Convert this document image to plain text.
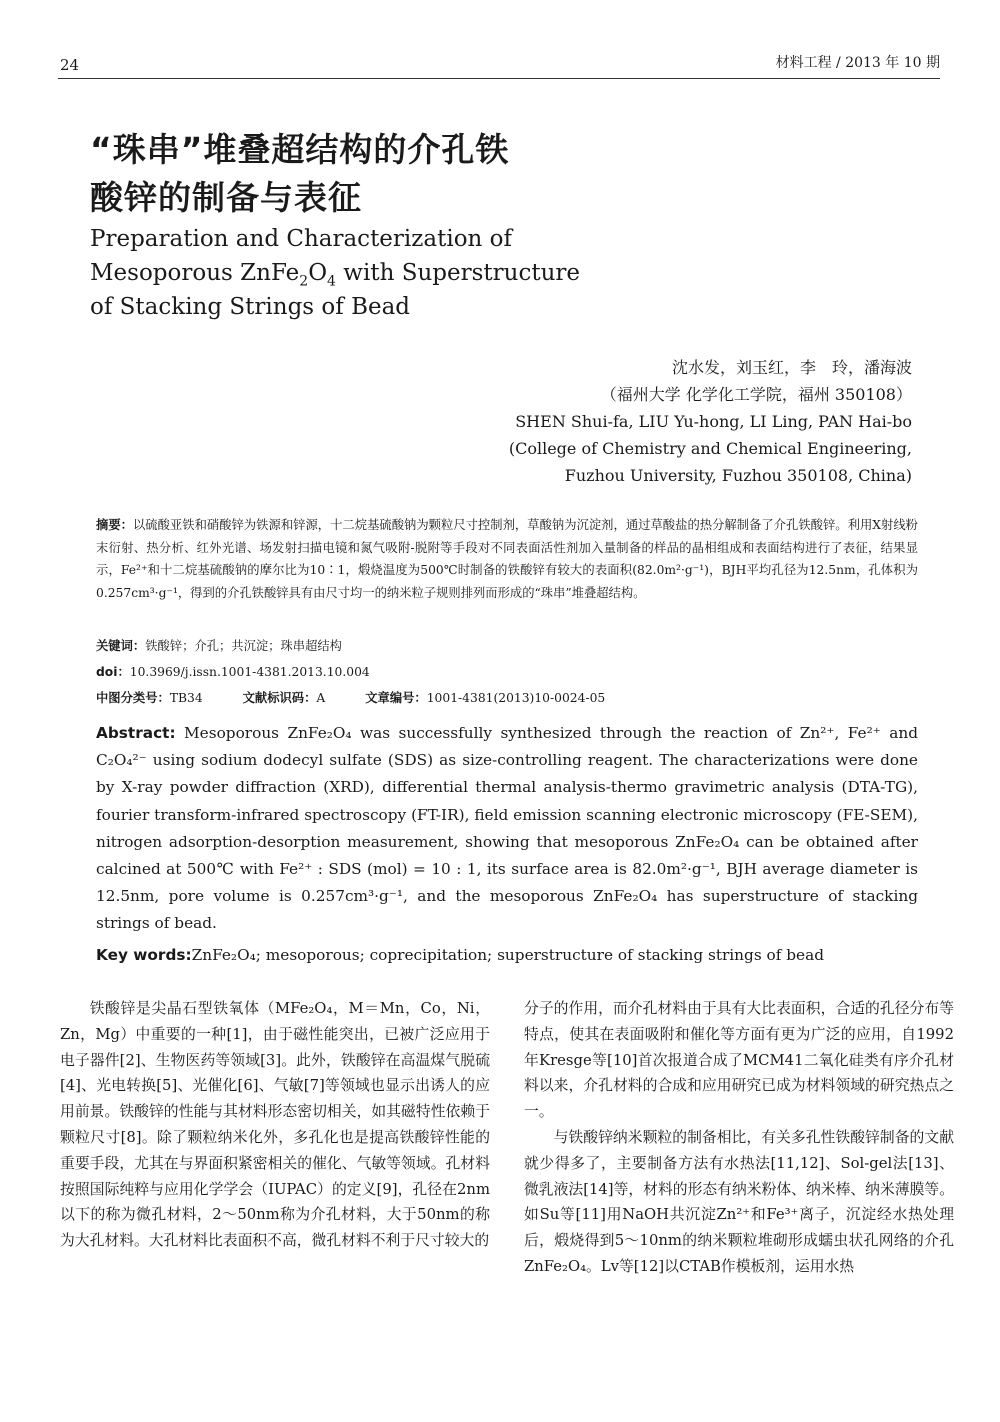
24	材料工程 / 2013 年 10 期
“珠串”堆叠超结构的介孔铁
酸锌的制备与表征
Preparation and Characterization of
Mesoporous $ZnFe_2O_4$ with Superstructure
of Stacking Strings of Bead
沈水发，刘玉红，李　玲，潘海波
（福州大学 化学化工学院，福州 350108）
SHEN Shui-fa, LIU Yu-hong, LI Ling, PAN Hai-bo
(College of Chemistry and Chemical Engineering,
Fuzhou University, Fuzhou 350108, China)
摘要：以硫酸亚铁和硝酸锌为铁源和锌源，十二烷基硫酸钠为颗粒尺寸控制剂，草酸钠为沉淀剂，通过草酸盐的热分解制备了介孔铁酸锌。利用X射线粉末衍射、热分析、红外光谱、场发射扫描电镜和氮气吸附-脱附等手段对不同表面活性剂加入量制备的样品的晶相组成和表面结构进行了表征，结果显示，Fe²⁺和十二烷基硫酸钠的摩尔比为10∶1，煅烧温度为500℃时制备的铁酸锌有较大的表面积(82.0m²·g⁻¹)，BJH平均孔径为12.5nm，孔体积为0.257cm³·g⁻¹，得到的介孔铁酸锌具有由尺寸均一的纳米粒子规则排列而形成的“珠串”堆叠超结构。
关键词：铁酸锌；介孔；共沉淀；珠串超结构
doi：10.3969/j.issn.1001-4381.2013.10.004
中图分类号：TB34	文献标识码：A	文章编号：1001-4381(2013)10-0024-05
Abstract: Mesoporous ZnFe₂O₄ was successfully synthesized through the reaction of Zn²⁺, Fe²⁺ and C₂O₄²⁻ using sodium dodecyl sulfate (SDS) as size-controlling reagent. The characterizations were done by X-ray powder diffraction (XRD), differential thermal analysis-thermo gravimetric analysis (DTA-TG), fourier transform-infrared spectroscopy (FT-IR), field emission scanning electronic microscopy (FE-SEM), nitrogen adsorption-desorption measurement, showing that mesoporous ZnFe₂O₄ can be obtained after calcined at 500℃ with Fe²⁺ : SDS (mol) = 10 : 1, its surface area is 82.0m²·g⁻¹, BJH average diameter is 12.5nm, pore volume is 0.257cm³·g⁻¹, and the mesoporous ZnFe₂O₄ has superstructure of stacking strings of bead.
Key words:ZnFe₂O₄; mesoporous; coprecipitation; superstructure of stacking strings of bead

铁酸锌是尖晶石型铁氧体（MFe₂O₄，M＝Mn，Co，Ni，Zn，Mg）中重要的一种[1]，由于磁性能突出，已被广泛应用于电子器件[2]、生物医药等领域[3]。此外，铁酸锌在高温煤气脱硫[4]、光电转换[5]、光催化[6]、气敏[7]等领域也显示出诱人的应用前景。铁酸锌的性能与其材料形态密切相关，如其磁特性依赖于颗粒尺寸[8]。除了颗粒纳米化外，多孔化也是提高铁酸锌性能的重要手段，尤其在与界面积紧密相关的催化、气敏等领域。孔材料按照国际纯粹与应用化学学会（IUPAC）的定义[9]，孔径在2nm以下的称为微孔材料，2～50nm称为介孔材料，大于50nm的称为大孔材料。大孔材料比表面积不高，微孔材料不利于尺寸较大的

分子的作用，而介孔材料由于具有大比表面积，合适的孔径分布等特点，使其在表面吸附和催化等方面有更为广泛的应用，自1992年Kresge等[10]首次报道合成了MCM41二氧化硅类有序介孔材料以来，介孔材料的合成和应用研究已成为材料领域的研究热点之一。

与铁酸锌纳米颗粒的制备相比，有关多孔性铁酸锌制备的文献就少得多了，主要制备方法有水热法[11,12]、Sol-gel法[13]、微乳液法[14]等，材料的形态有纳米粉体、纳米棒、纳米薄膜等。如Su等[11]用NaOH共沉淀Zn²⁺和Fe³⁺离子，沉淀经水热处理后，煅烧得到5～10nm的纳米颗粒堆砌形成蠕虫状孔网络的介孔ZnFe₂O₄。Lv等[12]以CTAB作模板剂，运用水热
